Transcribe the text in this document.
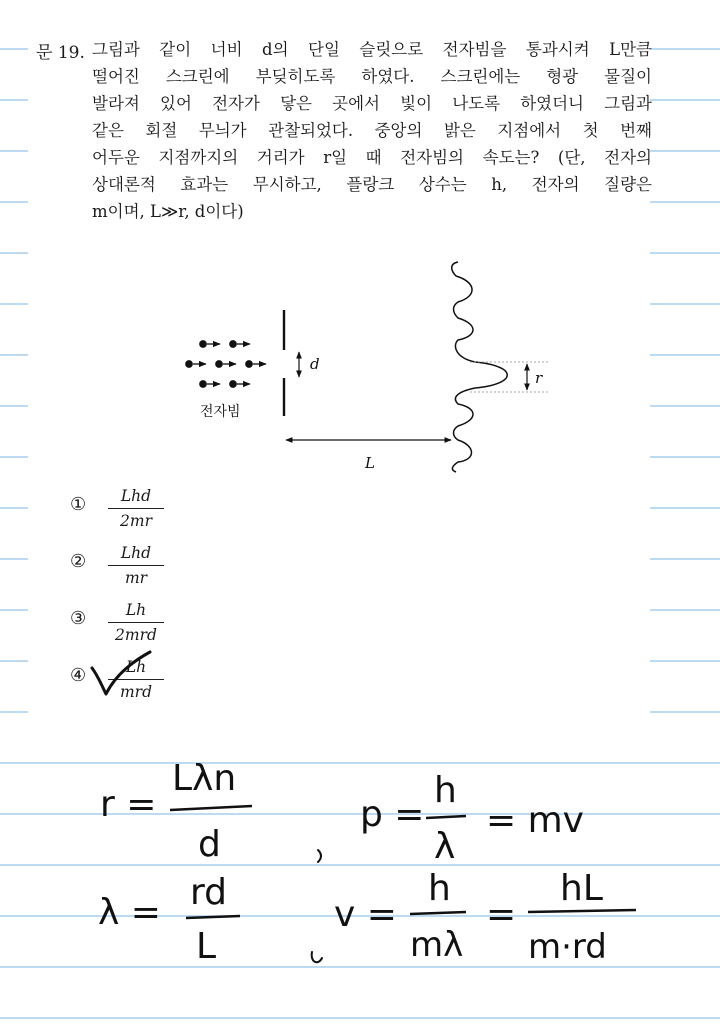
문 19. 그림과 같이 너비 d의 단일 슬릿으로 전자빔을 통과시켜 L만큼
떨어진 스크린에 부딪히도록 하였다. 스크린에는 형광 물질이
발라져 있어 전자가 닿은 곳에서 빛이 나도록 하였더니 그림과
같은 회절 무늬가 관찰되었다. 중앙의 밝은 지점에서 첫 번째
어두운 지점까지의 거리가 r일 때 전자빔의 속도는? (단, 전자의
상대론적 효과는 무시하고, 플랑크 상수는 h, 전자의 질량은
m이며, L≫r, d이다)
전자빔
d
L
r
①	Lhd
2mr
②	Lhd
mr
③	Lh
2mrd
④	Lh
mrd
r =
Lλn
d
p =
h
λ
= mv
λ = rd
L
v =
h
mλ
=
hL
m·rd
